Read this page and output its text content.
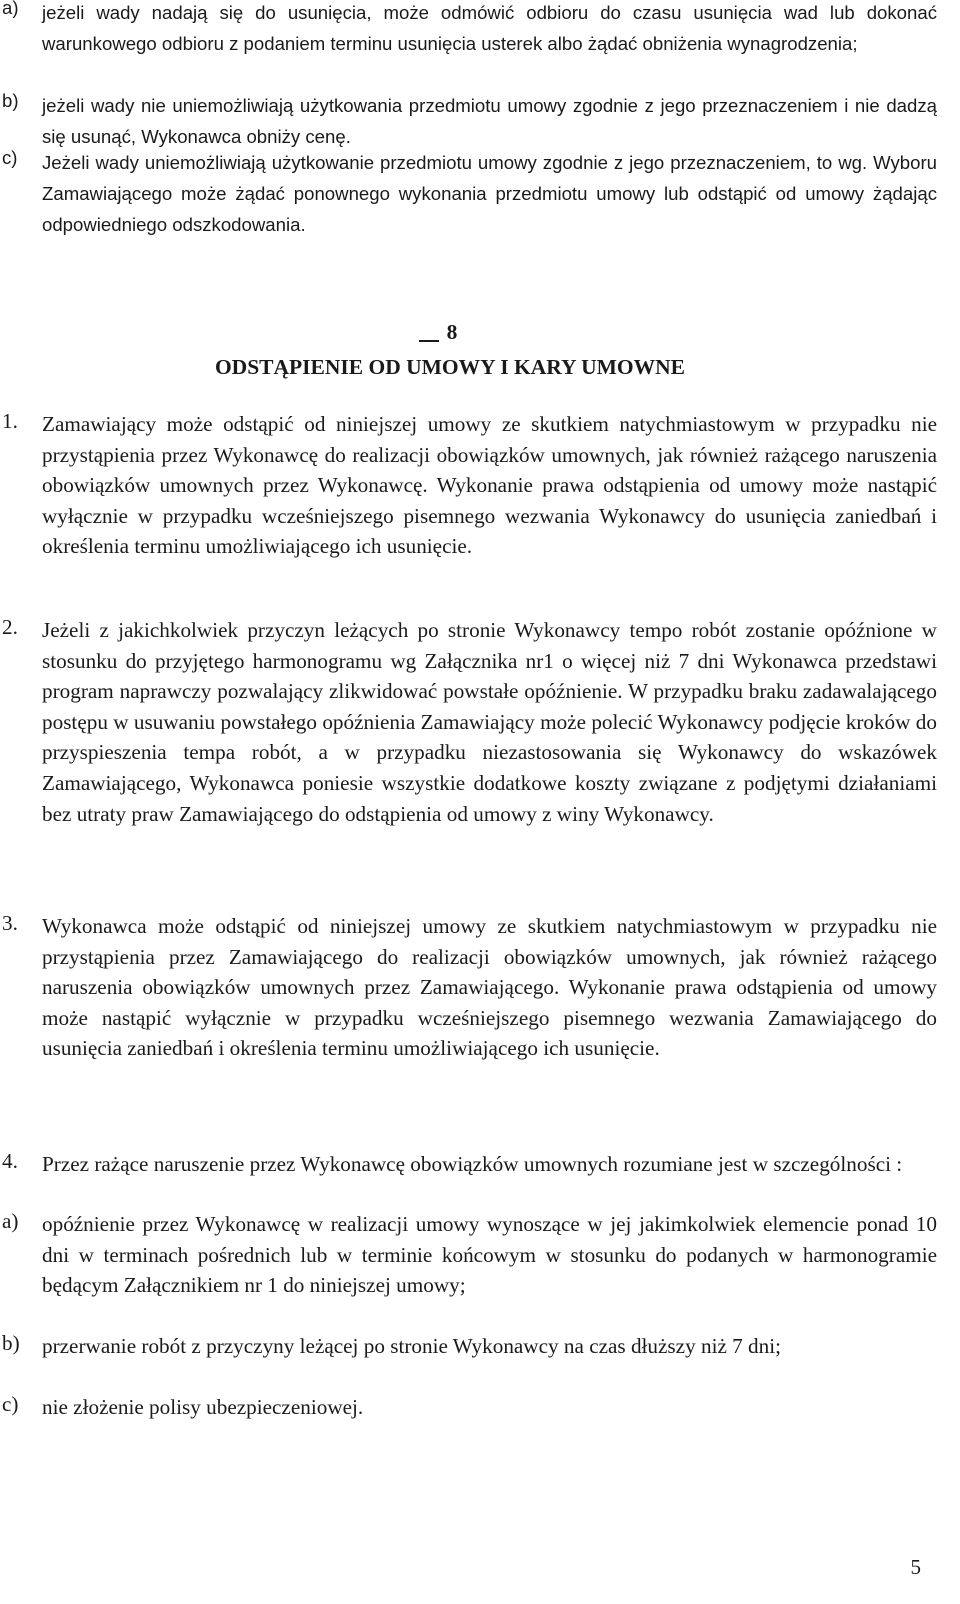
a)	jeżeli wady nadają się do usunięcia, może odmówić odbioru do czasu usunięcia wad lub dokonać warunkowego odbioru z podaniem terminu usunięcia usterek albo żądać obniżenia wynagrodzenia;
b)	jeżeli wady nie uniemożliwiają użytkowania przedmiotu umowy zgodnie z jego przeznaczeniem i nie dadzą się usunąć, Wykonawca obniży cenę.
c)	Jeżeli wady uniemożliwiają użytkowanie przedmiotu umowy zgodnie z jego przeznaczeniem, to wg. Wyboru Zamawiającego może żądać ponownego wykonania przedmiotu umowy lub odstąpić od umowy żądając odpowiedniego odszkodowania.
8
ODSTĄPIENIE OD UMOWY I KARY UMOWNE
1.	Zamawiający może odstąpić od niniejszej umowy ze skutkiem natychmiastowym w przypadku nie przystąpienia przez Wykonawcę do realizacji obowiązków umownych, jak również rażącego naruszenia obowiązków umownych przez Wykonawcę. Wykonanie prawa odstąpienia od umowy może nastąpić wyłącznie w przypadku wcześniejszego pisemnego wezwania Wykonawcy do usunięcia zaniedbań i określenia terminu umożliwiającego ich usunięcie.
2.	Jeżeli z jakichkolwiek przyczyn leżących po stronie Wykonawcy tempo robót zostanie opóźnione w stosunku do przyjętego harmonogramu wg Załącznika nr1 o więcej niż 7 dni Wykonawca przedstawi program naprawczy pozwalający zlikwidować powstałe opóźnienie. W przypadku braku zadawalającego postępu w usuwaniu powstałego opóźnienia Zamawiający może polecić Wykonawcy podjęcie kroków do przyspieszenia tempa robót, a w przypadku niezastosowania się Wykonawcy do wskazówek Zamawiającego, Wykonawca poniesie wszystkie dodatkowe koszty związane z podjętymi działaniami bez utraty praw Zamawiającego do odstąpienia od umowy z winy Wykonawcy.
3.	Wykonawca może odstąpić od niniejszej umowy ze skutkiem natychmiastowym w przypadku nie przystąpienia przez Zamawiającego do realizacji obowiązków umownych, jak również rażącego naruszenia obowiązków umownych przez Zamawiającego. Wykonanie prawa odstąpienia od umowy może nastąpić wyłącznie w przypadku wcześniejszego pisemnego wezwania Zamawiającego do usunięcia zaniedbań i określenia terminu umożliwiającego ich usunięcie.
4.	Przez rażące naruszenie przez Wykonawcę obowiązków umownych rozumiane jest w szczególności :
a)	opóźnienie przez Wykonawcę w realizacji umowy wynoszące w jej jakimkolwiek elemencie ponad 10 dni w terminach pośrednich lub w terminie końcowym w stosunku do podanych w harmonogramie będącym Załącznikiem nr 1 do niniejszej umowy;
b)	przerwanie robót z przyczyny leżącej po stronie Wykonawcy na czas dłuższy niż 7 dni;
c)	nie złożenie polisy ubezpieczeniowej.
5
